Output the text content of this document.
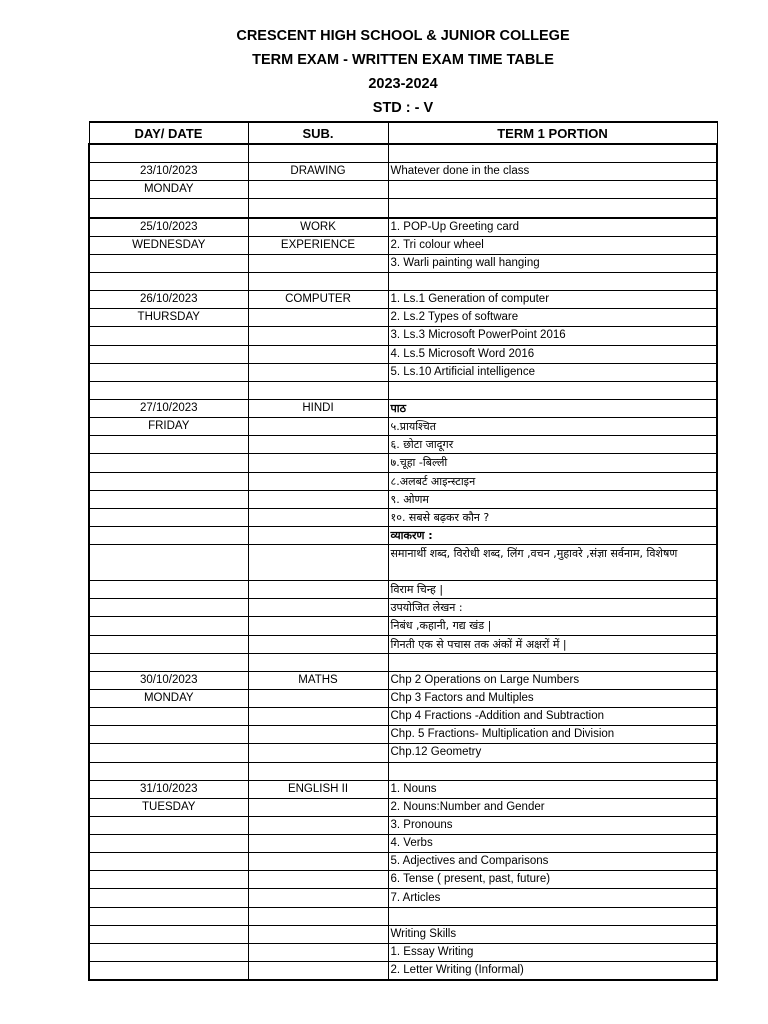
CRESCENT HIGH SCHOOL & JUNIOR COLLEGE
TERM EXAM - WRITTEN EXAM TIME TABLE
2023-2024
STD : - V
DAY/ DATE	SUB.	TERM 1 PORTION

23/10/2023	DRAWING	Whatever done in the class
MONDAY		

25/10/2023	WORK	1. POP-Up Greeting card
WEDNESDAY	EXPERIENCE	2. Tri colour wheel
		3. Warli painting wall hanging

26/10/2023	COMPUTER	1. Ls.1 Generation of computer
THURSDAY		2. Ls.2 Types of software
		3. Ls.3 Microsoft PowerPoint 2016
		4. Ls.5 Microsoft Word 2016
		5. Ls.10 Artificial intelligence

27/10/2023	HINDI	पाठ
FRIDAY		५.प्रायश्चित
		६. छोटा जादूगर
		७.चूहा -बिल्ली
		८.अलबर्ट आइन्स्टाइन
		९. ओणम
		१०. सबसे बढ़कर कौन ?
		व्याकरण :
		समानार्थी शब्द, विरोधी शब्द, लिंग ,वचन ,मुहावरे ,संज्ञा सर्वनाम, विशेषण
		विराम चिन्ह |
		उपयोजित लेखन :
		निबंध ,कहानी, गद्य खंड |
		गिनती एक से पचास तक अंकों में अक्षरों में |

30/10/2023	MATHS	Chp 2 Operations on Large Numbers
MONDAY		Chp 3 Factors and Multiples
		Chp 4 Fractions -Addition and Subtraction
		Chp. 5 Fractions- Multiplication and Division
		Chp.12 Geometry

31/10/2023	ENGLISH II	1. Nouns
TUESDAY		2. Nouns:Number and Gender
		3. Pronouns
		4. Verbs
		5. Adjectives and Comparisons
		6. Tense ( present, past, future)
		7. Articles

		Writing Skills
		1. Essay Writing
		2. Letter Writing (Informal)
